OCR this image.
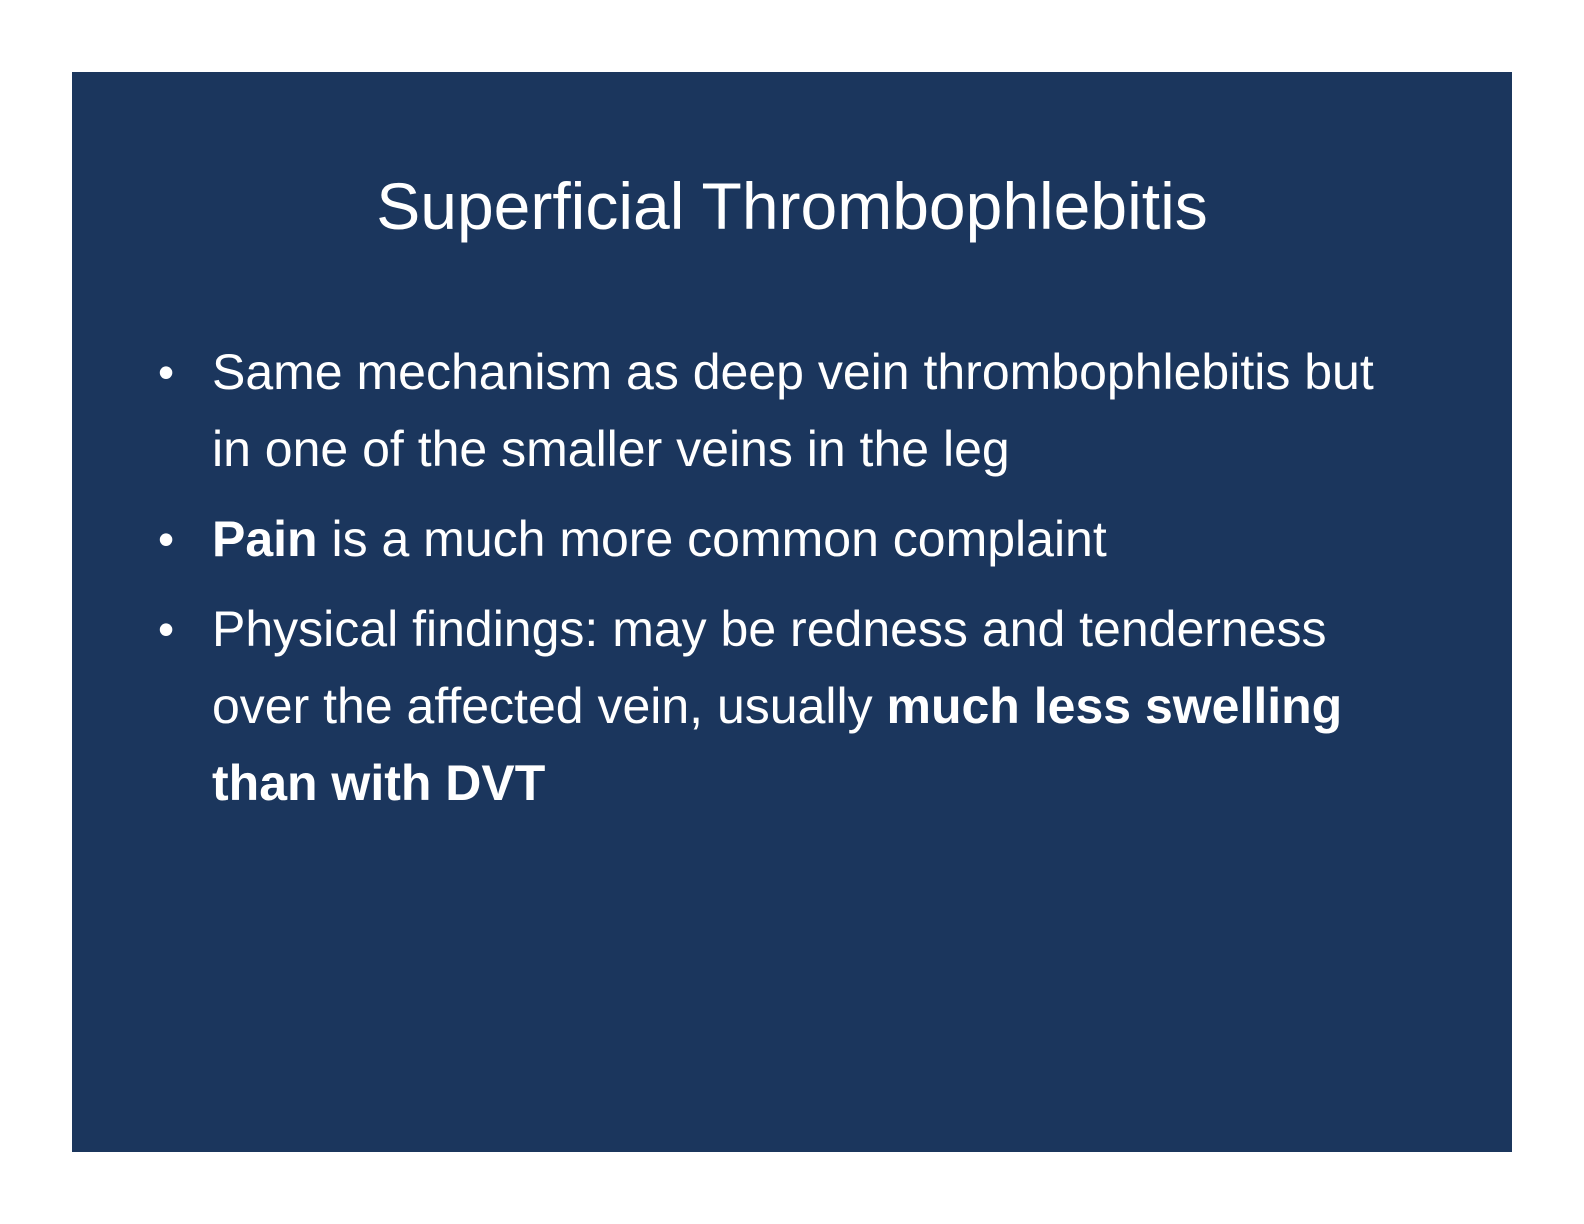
Superficial Thrombophlebitis
• Same mechanism as deep vein thrombophlebitis but in one of the smaller veins in the leg
• Pain is a much more common complaint
• Physical findings: may be redness and tenderness over the affected vein, usually much less swelling than with DVT
